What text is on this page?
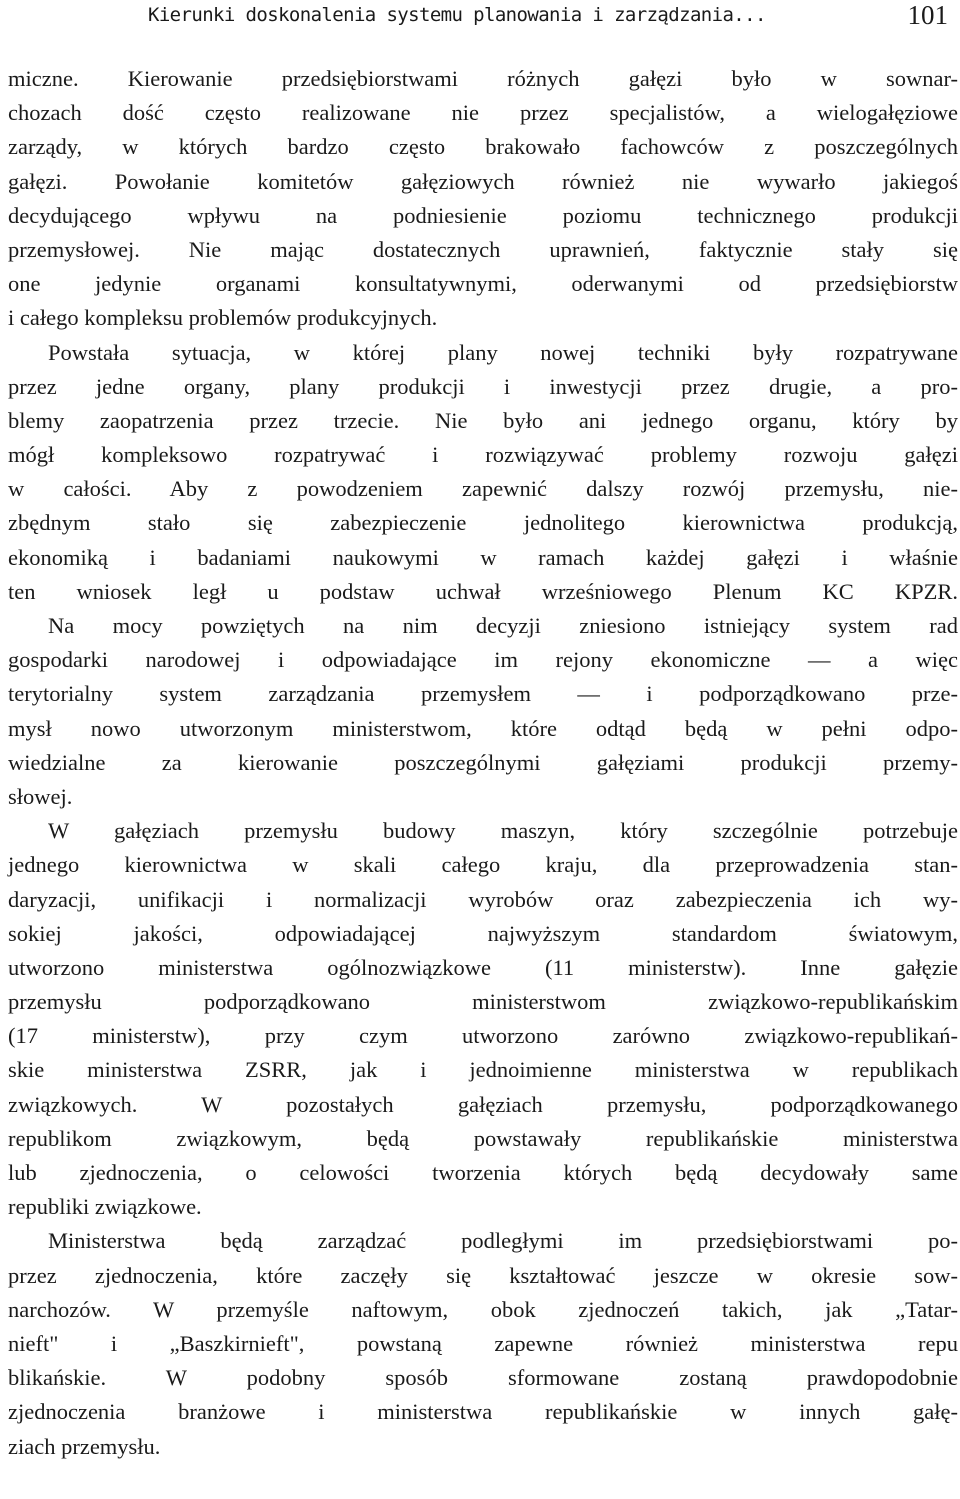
Kierunki doskonalenia systemu planowania i zarządzania...	101
miczne. Kierowanie przedsiębiorstwami różnych gałęzi było w sownar-
chozach dość często realizowane nie przez specjalistów, a wielogałęziowe
zarządy, w których bardzo często brakowało fachowców z poszczególnych
gałęzi. Powołanie komitetów gałęziowych również nie wywarło jakiegoś
decydującego wpływu na podniesienie poziomu technicznego produkcji
przemysłowej. Nie mając dostatecznych uprawnień, faktycznie stały się
one jedynie organami konsultatywnymi, oderwanymi od przedsiębiorstw
i całego kompleksu problemów produkcyjnych.
Powstała sytuacja, w której plany nowej techniki były rozpatrywane
przez jedne organy, plany produkcji i inwestycji przez drugie, a pro-
blemy zaopatrzenia przez trzecie. Nie było ani jednego organu, który by
mógł kompleksowo rozpatrywać i rozwiązywać problemy rozwoju gałęzi
w całości. Aby z powodzeniem zapewnić dalszy rozwój przemysłu, nie-
zbędnym stało się zabezpieczenie jednolitego kierownictwa produkcją,
ekonomiką i badaniami naukowymi w ramach każdej gałęzi i właśnie
ten wniosek legł u podstaw uchwał wrześniowego Plenum KC KPZR.
Na mocy powziętych na nim decyzji zniesiono istniejący system rad
gospodarki narodowej i odpowiadające im rejony ekonomiczne — a więc
terytorialny system zarządzania przemysłem — i podporządkowano prze-
mysł nowo utworzonym ministerstwom, które odtąd będą w pełni odpo-
wiedzialne za kierowanie poszczególnymi gałęziami produkcji przemy-
słowej.
W gałęziach przemysłu budowy maszyn, który szczególnie potrzebuje
jednego kierownictwa w skali całego kraju, dla przeprowadzenia stan-
daryzacji, unifikacji i normalizacji wyrobów oraz zabezpieczenia ich wy-
sokiej jakości, odpowiadającej najwyższym standardom światowym,
utworzono ministerstwa ogólnozwiązkowe (11 ministerstw). Inne gałęzie
przemysłu podporządkowano ministerstwom związkowo-republikańskim
(17 ministerstw), przy czym utworzono zarówno związkowo-republikań-
skie ministerstwa ZSRR, jak i jednoimienne ministerstwa w republikach
związkowych. W pozostałych gałęziach przemysłu, podporządkowanego
republikom związkowym, będą powstawały republikańskie ministerstwa
lub zjednoczenia, o celowości tworzenia których będą decydowały same
republiki związkowe.
Ministerstwa będą zarządzać podległymi im przedsiębiorstwami po-
przez zjednoczenia, które zaczęły się kształtować jeszcze w okresie sow-
narchozów. W przemyśle naftowym, obok zjednoczeń takich, jak „Tatar-
nieft" i „Baszkirnieft", powstaną zapewne również ministerstwa repu
blikańskie. W podobny sposób sformowane zostaną prawdopodobnie
zjednoczenia branżowe i ministerstwa republikańskie w innych gałę-
ziach przemysłu.
